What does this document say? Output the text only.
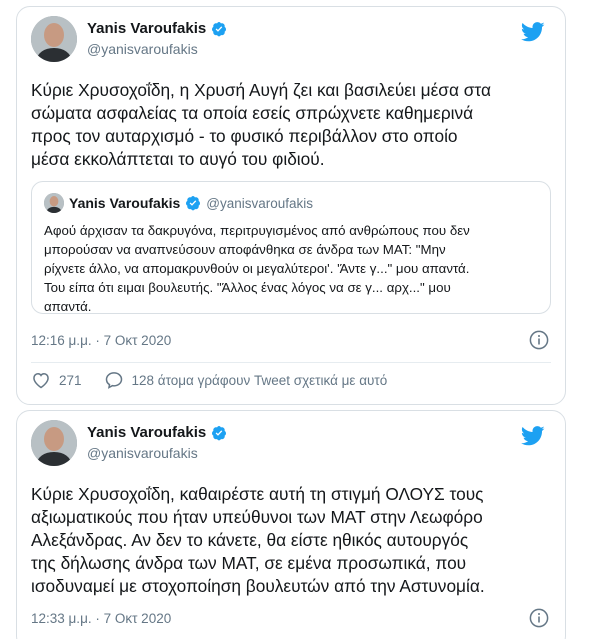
Yanis Varoufakis
@yanisvaroufakis
Κύριε Χρυσοχοΐδη, η Χρυσή Αυγή ζει και βασιλεύει μέσα στα
σώματα ασφαλείας τα οποία εσείς σπρώχνετε καθημερινά
προς τον αυταρχισμό - το φυσικό περιβάλλον στο οποίο
μέσα εκκολάπτεται το αυγό του φιδιού.
Yanis Varoufakis @yanisvaroufakis
Αφού άρχισαν τα δακρυγόνα, περιτρυγισμένος από ανθρώπους που δεν
μπορούσαν να αναπνεύσουν αποφάνθηκα σε άνδρα των ΜΑΤ: "Μην
ρίχνετε άλλο, να απομακρυνθούν οι μεγαλύτεροι'. 'Άντε γ..." μου απαντά.
Του είπα ότι ειμαι βουλευτής. "Άλλος ένας λόγος να σε γ... αρχ..." μου
απαντά.
12:16 μ.μ. · 7 Οκτ 2020
271	128 άτομα γράφουν Tweet σχετικά με αυτό
Yanis Varoufakis
@yanisvaroufakis
Κύριε Χρυσοχοΐδη, καθαιρέστε αυτή τη στιγμή ΟΛΟΥΣ τους
αξιωματικούς που ήταν υπεύθυνοι των ΜΑΤ στην Λεωφόρο
Αλεξάνδρας. Αν δεν το κάνετε, θα είστε ηθικός αυτουργός
της δήλωσης άνδρα των ΜΑΤ, σε εμένα προσωπικά, που
ισοδυναμεί με στοχοποίηση βουλευτών από την Αστυνομία.
12:33 μ.μ. · 7 Οκτ 2020
